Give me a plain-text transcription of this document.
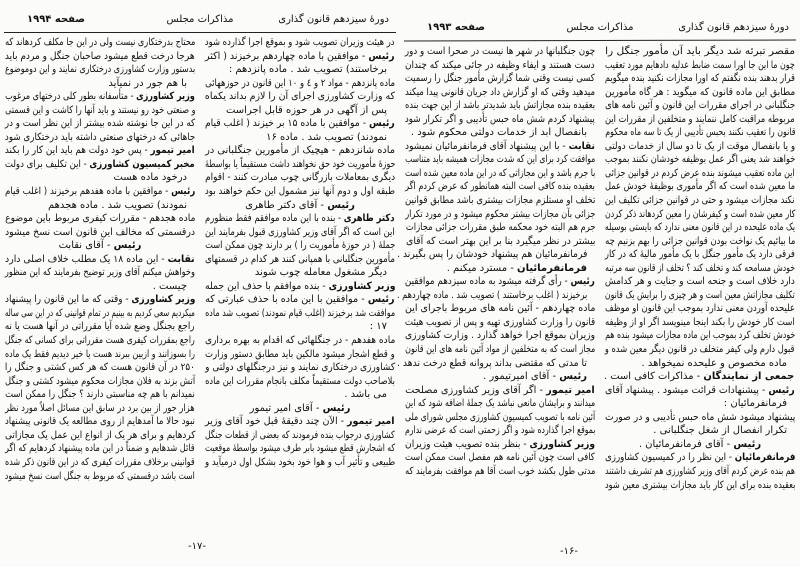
دورهٔ سیزدهم قانون گذاری
مذاکرات مجلس
صفحه ۱۹۹۴
در هیئت وزیران تصویب شود و بموقع اجرا گذارده شود
رئیس - موافقین با ماده چهاردهم برخیزند ( اکثر
برخاستند) تصویب شد . ماده پانزدهم :
ماده پانزدهم - مواد ۲ و ٤ و ۱۰ این قانون در حوزههائی
که وزارت کشاورزی اجرای آن را لازم بداند یکماه
پس از آگهی در هر حوزه قابل اجراست
رئیس - موافقین با ماده ۱۵ بر خیزند ( اغلب قیام
نمودند) تصویب شد . ماده ۱۶
ماده شانزدهم - هیچیک از مأمورین جنگلبانی در
حوزهٔ مأموریت خود حق نخواهند داشت مستقیماً یا بواسطهٔ
دیگری بمعاملات بازرگانی چوب مبادرت کنند - اقوام
طبقه اول و دوم آنها نیز مشمول این حکم خواهند بود
رئیس - آقای دکتر طاهری
دکتر طاهری - بنده با این ماده موافقم فقط منظورم
این است که اگر آقای وزیر کشاورزی قبول بفرمایند این
جملهٔ ( در حوزهٔ مأموریت را ) بر دارند چون ممکن است
مأمورین جنگلبانی با همپانی کنند هر کدام در قسمتهای
دیگر مشغول معامله چوب شوند
وزیر کشاورزی - بنده موافقم با حذف این جمله
رئیس - موافقین با این ماده با حذف عبارتی که
موافقت شد برخیزند (اغلب قیام نمودند) تصویب شد ماده
۱۷ :
ماده هفدهم - در جنگلهائی که اقدام به بهره برداری
و قطع اشجار میشود مالکین باید مطابق دستور وزارت
کشاورزی درختکاری نمایند و نیز درجنگلهای دولتی و
بلاصاحب دولت مستقیماً مکلف بانجام مقررات این ماده
می باشد .
رئیس - آقای امیر تیمور
امیر تیمور - الآن چند دقیقهٔ قبل خود آقای وزیر
کشاورزی درجواب بنده فرمودند که بعضی از قطعات جنگل
که اشجارش قطع میشود بابر طرف میشود بواسطهٔ موقعیت
طبیعی و تأثیر آب و هوا خود بخود بشکل اول درمیآید و
محتاج بدرختکاری نیست ولی در این جا مکلف کردهاند که
هرجا درخت قطع میشود صاحبان جنگل و مردم باید
بدستور وزارت کشاورزی درختکاری نمایند و این دوموضوع
با هم جور در نمیآید
وزیر کشاورزی - متأسفانه بطور کلی درختهای مرغوب
و صنعتی خود رو نیستند و باید آنها را کاشت و این قسمتی
که در این جا نوشته شده بیشتر از این نظر است و در
جاهائی که درختهای صنعتی داشته باید درختکاری شود
امیر تیمور - پس خود دولت هم باید این کار را بکند
مخبر کمیسیون کشاورزی - این تکلیف برای دولت
درخود ماده هست
رئیس - موافقین با ماده هفدهم برخیزند ( اغلب قیام
نمودند) تصویب شد . ماده هجدهم
ماده هجدهم - مقررات کیفری مربوط باین موضوع
درقسمتی که مخالف این قانون است نسخ میشود
رئیس - آقای نقابت
نقابت - این ماده ۱۸ یک مطلب خلاف اصلی دارد
وخواهش میکنم آقای وزیر توضیح بفرمایند که این منظور
چیست .
وزیر کشاورزی - وقتی که ما این قانون را پیشنهاد
میکردیم سعی کردیم به بینیم در تمام قوانینی که در این سی ساله
راجع بجنگل وضع شده آیا مقرراتی در آنها هست یا نه
راجع بمقررات کیفری هست مقرراتی برای کسانی که جنگل
را بسوزانند و ازبین ببرند هست یا خیر دیدیم فقط یک ماده
۲۵۰ در آن قانون هست که هر کس کشتی و جنگل را
آتش بزند به فلان مجازات محکوم میشود کشتی و جنگل
نمیدانم با هم چه مناسبتی دارند ؟ جنگل را ممکن است
هزار جور از بین برد در سابق این مسائل اصلاً مورد نظر
نبود حالا ما آمدهایم از روی مطالعه یک قانونی پیشنهاد
کردهایم و برای هر یک از انواع این عمل یک مجازاتی
قائل شدهایم و ضمناً در این ماده پیشنهاد کردهایم که اگر
قوانینی برخلاف مقررات کیفری که در این قانون ذکر شده
است باشد درقسمتی که مربوط به جنگل است نسخ میشود
-۱۷-
دورهٔ سیزدهم قانون گذاری
مذاکرات مجلس
صفحه ۱۹۹۳
مقصر تبرئه شد دیگر باید آن مأمور جنگل را
چون ما این جا اورا سمت ضابط عدلیه دادهایم مورد تعقیب
قرار بدهند بنده نگفتم که اورا مجازات نکنید بنده میگویم
مطابق این ماده قانون که میگوید : هر گاه مأمورین
جنگلبانی در اجرای مقررات این قانون و آئین نامه های
مربوطه مراقبت کامل ننمایند و متخلفین از مقررات این
قانون را تعقیب نکنند بحبس تأدیبی از یک تا سه ماه محکوم
و یا بانفصال موقت از یک تا دو سال از خدمات دولتی
خواهند شد یعنی اگر عمل بوظیفه خودشان نکنند بموجب
این ماده تعقیب میشوند بنده عرض کردم در قوانین جزائی
ما معین شده است که اگر مأموری بوظیفهٔ خودش عمل
نکند مجازات میشود و حتی در قوانین جزائی تکلیف این
کار معین شده است و کیفرشان را معین کردهاند ذکر کردن
یک ماده علیحده در این قانون معنی ندارد که بایستی بوسیله
ما بیائیم یک نواخت بودن قوانین جزائی را بهم بزنیم چه
فرقی دارد یک مأمور جنگل با یک مأمور مالیهٔ که در کار
خودش مسامحه کند و تخلف کند ؟ تخلف از قانون سه مرتبه
دارد خلاف است و جنحه است و جنایت و هر کدامش
تکلیف مجازاتش معین است و هر چیزی را برایش یک قانون
علیحده آوردن معنی ندارد بموجب این قانون او موظف
است کار خودش را بکند اینجا مینویسد اگر او از وظیفه
خودش تخلف کرد بموجب این ماده مجازات میشود بنده هم
قبول دارم ولی کیفر متخلف در قانون دیگر معین شده و
ماده مخصوص و علیحده نمیخواهد .
جمعی از نمایندگان - مذاکرات کافی است .
رئیس - پیشنهادات قرائت میشود . پیشنهاد آقای
فرمانفرمائیان :
پیشنهاد میشود شش ماه حبس تأدیبی و در صورت
تکرار انفصال از شغل جنگلبانی .
رئیس - آقای فرمانفرمائیان .
فرمانفرمائیان - این نظر را در کمیسیون کشاورزی
هم بنده عرض کردم آقای وزیر کشاورزی هم تشریف داشتند
بعقیده بنده برای این کار باید مجازات بیشتری معین شود
چون جنگلبانها در شهر ها نیست در صحرا است و دور
دست هستند و ایفاء وظیفه در جائی میکند که چندان
کسی نیست وقتی شما گزارش مأمور جنگل را رسمیت
میدهید وقتی که او گزارش داد جریان قانونی پیدا میکند
بعقیده بنده مجازاتش باید شدیدتر باشد از این جهت بنده
پیشنهاد کردم شش ماه حبس تأدیبی و اگر تکرار شود
بانفصال ابد از خدمات دولتی محکوم شود .
نقابت - با این پیشنهاد آقای فرمانفرمائیان نمیشود
موافقت کرد برای این که شدت مجازات همیشه باید متناسب
با جرم باشد و این مجازاتی که در این ماده معین شده است
بعقیده بنده کافی است البته همانطور که عرض کردم اگر
تخلف او مستلزم مجازات بیشتری باشد مطابق قوانین
جزائی بآن مجازات بیشتر محکوم میشود و در مورد تکرار
جرم هم البته خود محکمه طبق مقررات جزائی مجازات
بیشتر در نظر میگیرد بنا بر این بهتر است که آقای
فرمانفرمائیان هم پیشنهاد خودشان را پس بگیرند .
فرمانفرمائیان - مسترد میکنم .
رئیس - رأی گرفته میشود به ماده سیزدهم موافقین
برخیزند ( اغلب برخاستند ) تصویب شد . ماده چهاردهم .
ماده چهاردهم - آئین نامه های مربوط باجرای این
قانون را وزارت کشاورزی تهیه و پس از تصویب هیئت
وزیران بموقع اجرا خواهد گذارد . وزارت کشاورزی
مجاز است که به متخلفین از مواد آئین نامه های این قانون
تا مدتی که مقتضی بداند پروانه قطع درخت ندهد .
رئیس - آقای امیرتیمور .
امیر تیمور - اگر آقای وزیر کشاورزی مصلحت
میدانند و برایشان مانعی نباشد یک جملهٔ اضافه شود که این
آئین نامه با تصویب کمیسیون کشاورزی مجلس شورای ملی
بموقع اجرا گذارده شود و اگر زحمتی است که عرضی ندارم
وزیر کشاورزی - بنظر بنده تصویب هیئت وزیران
کافی است چون آئین نامه هم مفصل است ممکن است
مدتی طول بکشد خوب است آقا هم موافقت بفرمایند که
-۱۶-
